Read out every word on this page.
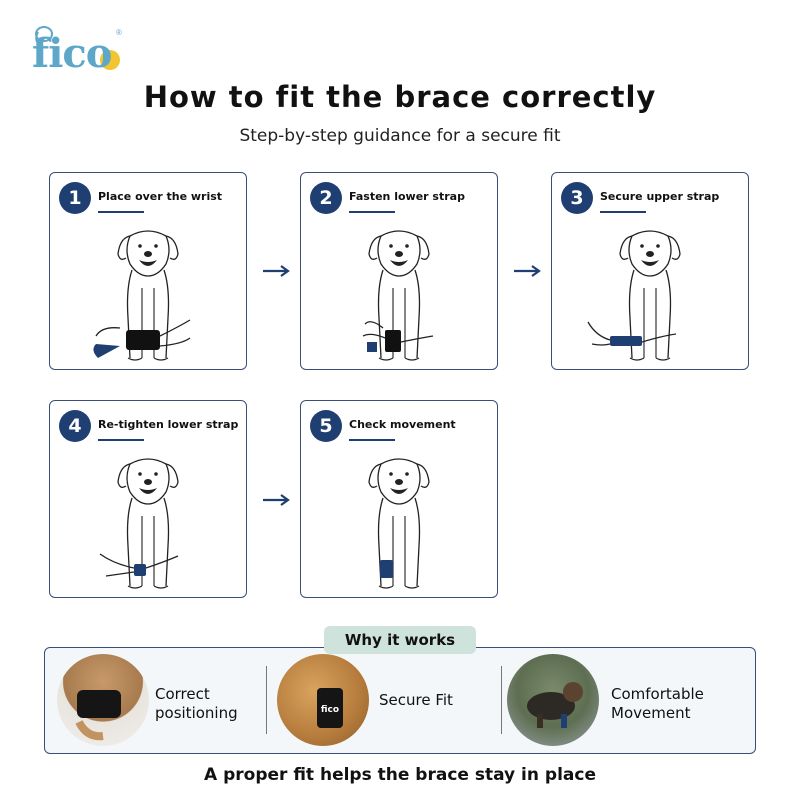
fico ®
How to fit the brace correctly
Step-by-step guidance for a secure fit
1	Place over the wrist	2	Fasten lower strap	3	Secure upper strap
4	Re-tighten lower strap	5	Check movement
Correct
positioning	fico
Secure Fit	Comfortable
Movement
Why it works
A proper fit helps the brace stay in place
